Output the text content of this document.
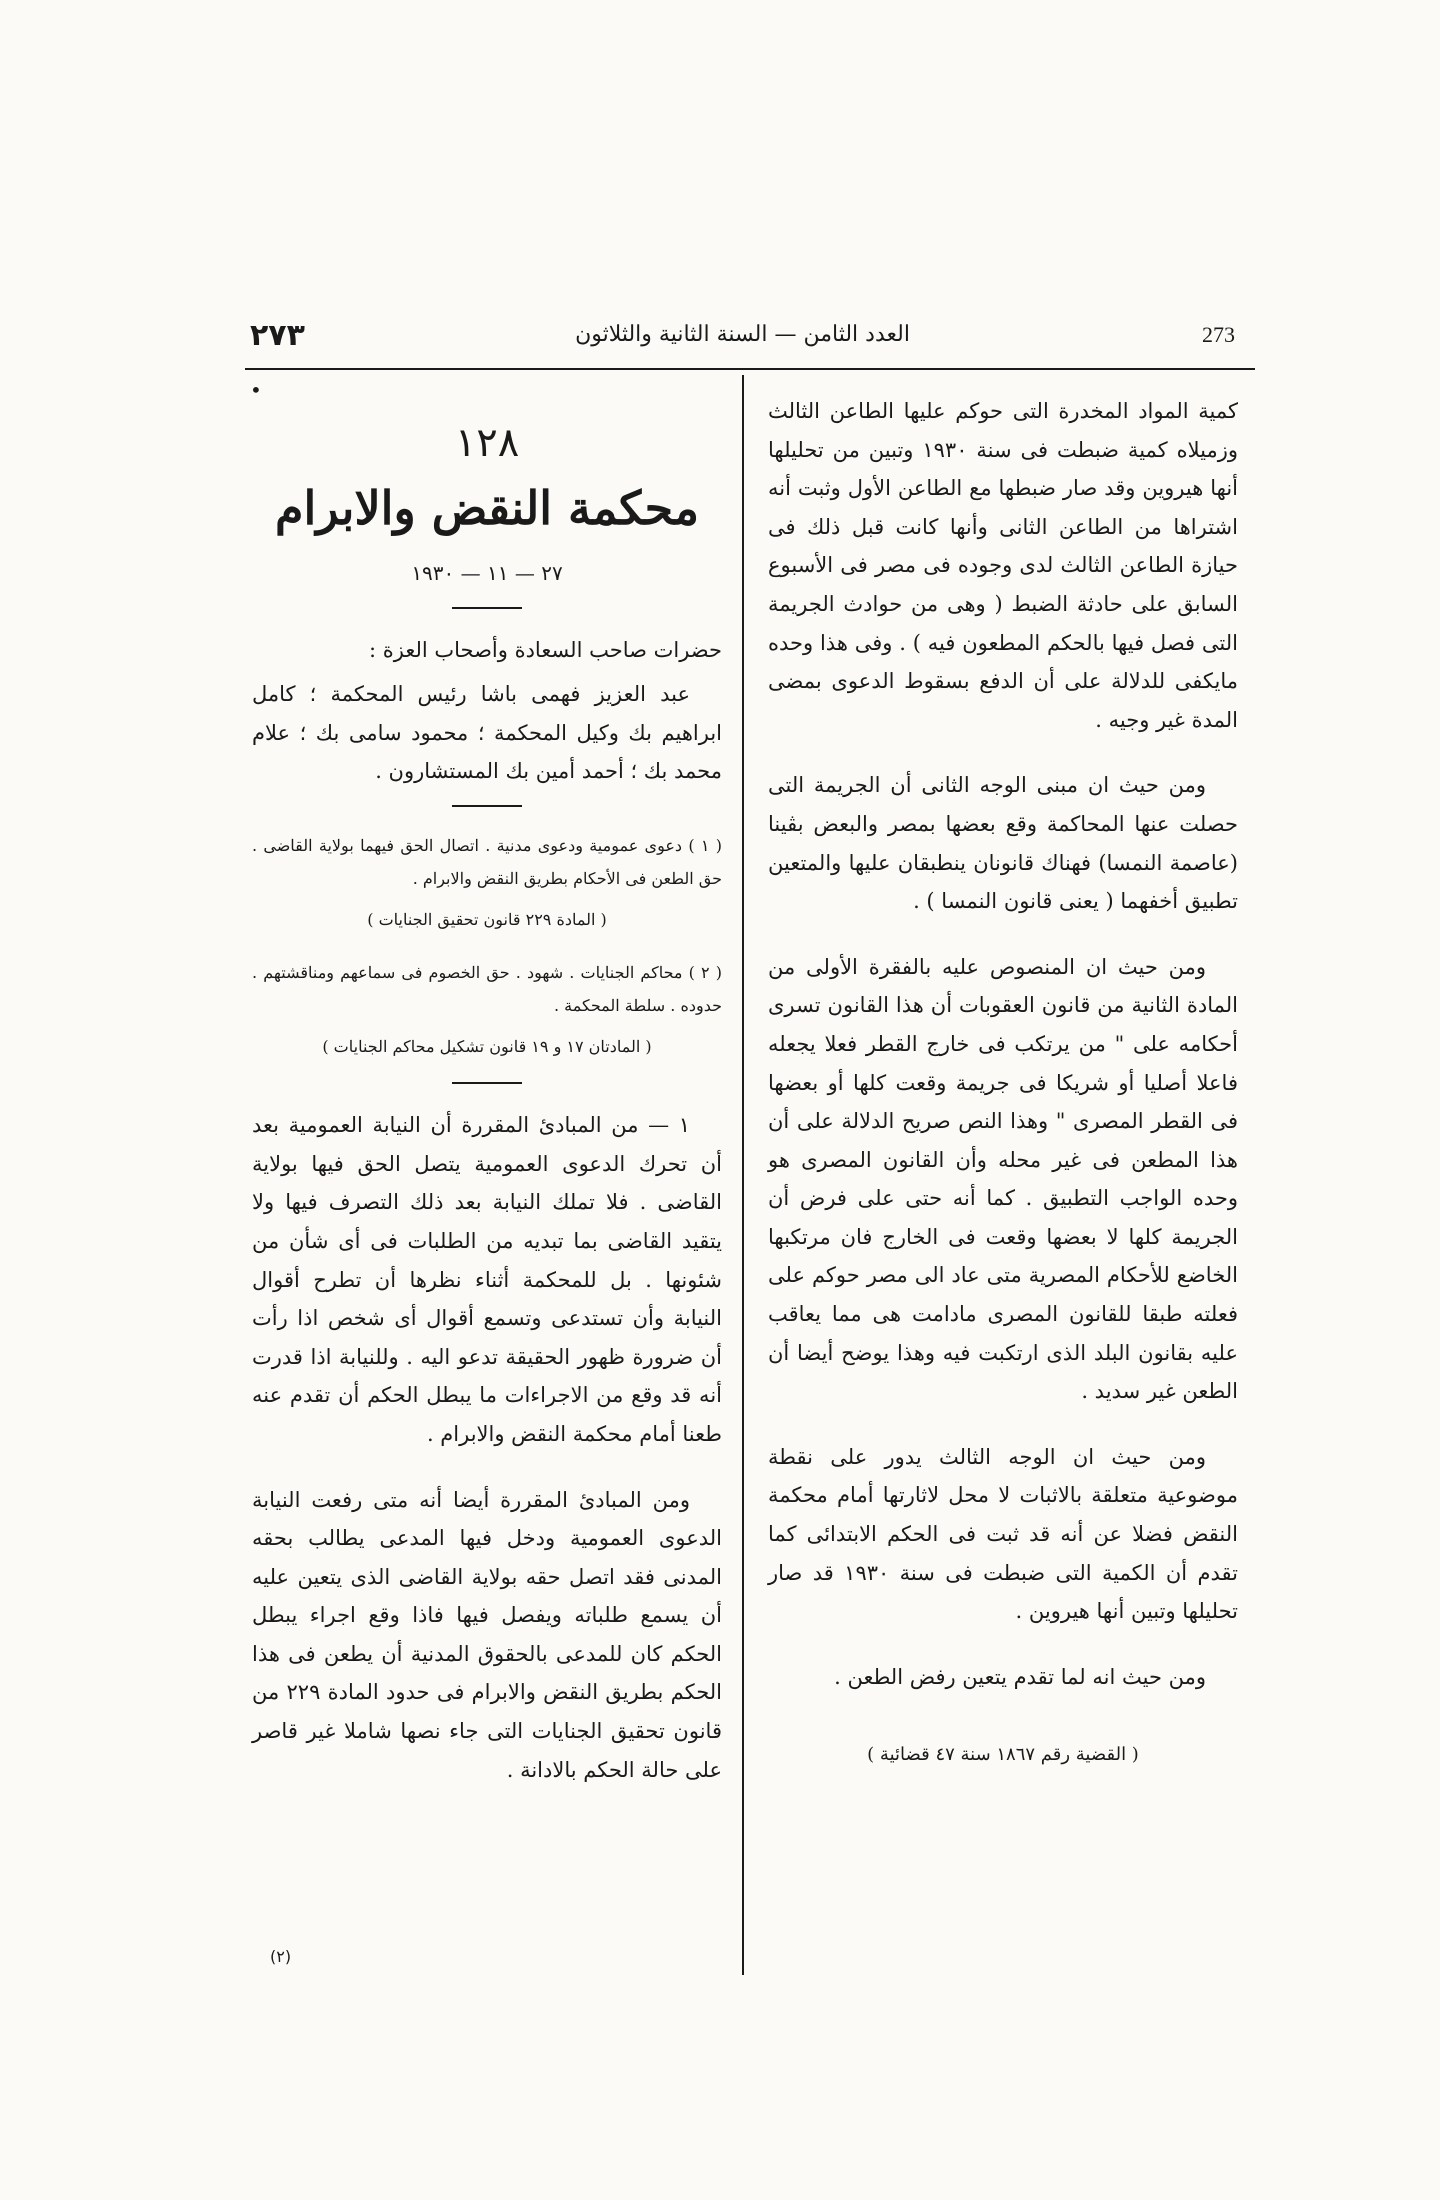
٢٧٣	العدد الثامن — السنة الثانية والثلاثون	273
•

كمية المواد المخدرة التى حوكم عليها الطاعن الثالث وزميلاه كمية ضبطت فى سنة ١٩٣٠ وتبين من تحليلها أنها هيروين وقد صار ضبطها مع الطاعن الأول وثبت أنه اشتراها من الطاعن الثانى وأنها كانت قبل ذلك فى حيازة الطاعن الثالث لدى وجوده فى مصر فى الأسبوع السابق على حادثة الضبط ( وهى من حوادث الجريمة التى فصل فيها بالحكم المطعون فيه ) . وفى هذا وحده مايكفى للدلالة على أن الدفع بسقوط الدعوى بمضى المدة غير وجيه .

ومن حيث ان مبنى الوجه الثانى أن الجريمة التى حصلت عنها المحاكمة وقع بعضها بمصر والبعض بڤينا (عاصمة النمسا) فهناك قانونان ينطبقان عليها والمتعين تطبيق أخفهما ( يعنى قانون النمسا ) .

ومن حيث ان المنصوص عليه بالفقرة الأولى من المادة الثانية من قانون العقوبات أن هذا القانون تسرى أحكامه على " من يرتكب فى خارج القطر فعلا يجعله فاعلا أصليا أو شريكا فى جريمة وقعت كلها أو بعضها فى القطر المصرى " وهذا النص صريح الدلالة على أن هذا المطعن فى غير محله وأن القانون المصرى هو وحده الواجب التطبيق . كما أنه حتى على فرض أن الجريمة كلها لا بعضها وقعت فى الخارج فان مرتكبها الخاضع للأحكام المصرية متى عاد الى مصر حوكم على فعلته طبقا للقانون المصرى مادامت هى مما يعاقب عليه بقانون البلد الذى ارتكبت فيه وهذا يوضح أيضا أن الطعن غير سديد .

ومن حيث ان الوجه الثالث يدور على نقطة موضوعية متعلقة بالاثبات لا محل لاثارتها أمام محكمة النقض فضلا عن أنه قد ثبت فى الحكم الابتدائى كما تقدم أن الكمية التى ضبطت فى سنة ١٩٣٠ قد صار تحليلها وتبين أنها هيروين .

ومن حيث انه لما تقدم يتعين رفض الطعن .

( القضية رقم ١٨٦٧ سنة ٤٧ قضائية )
١٢٨
محكمة النقض والابرام
٢٧ — ١١ — ١٩٣٠

حضرات صاحب السعادة وأصحاب العزة :

عبد العزيز فهمى باشا رئيس المحكمة ؛ كامل ابراهيم بك وكيل المحكمة ؛ محمود سامى بك ؛ علام محمد بك ؛ أحمد أمين بك المستشارون .

( ١ ) دعوى عمومية ودعوى مدنية . اتصال الحق فيهما بولاية القاضى . حق الطعن فى الأحكام بطريق النقض والابرام .

( المادة ٢٢٩ قانون تحقيق الجنايات )

( ٢ ) محاكم الجنايات . شهود . حق الخصوم فى سماعهم ومناقشتهم . حدوده . سلطة المحكمة .

( المادتان ١٧ و ١٩ قانون تشكيل محاكم الجنايات )

١ — من المبادئ المقررة أن النيابة العمومية بعد أن تحرك الدعوى العمومية يتصل الحق فيها بولاية القاضى . فلا تملك النيابة بعد ذلك التصرف فيها ولا يتقيد القاضى بما تبديه من الطلبات فى أى شأن من شئونها . بل للمحكمة أثناء نظرها أن تطرح أقوال النيابة وأن تستدعى وتسمع أقوال أى شخص اذا رأت أن ضرورة ظهور الحقيقة تدعو اليه . وللنيابة اذا قدرت أنه قد وقع من الاجراءات ما يبطل الحكم أن تقدم عنه طعنا أمام محكمة النقض والابرام .

ومن المبادئ المقررة أيضا أنه متى رفعت النيابة الدعوى العمومية ودخل فيها المدعى يطالب بحقه المدنى فقد اتصل حقه بولاية القاضى الذى يتعين عليه أن يسمع طلباته ويفصل فيها فاذا وقع اجراء يبطل الحكم كان للمدعى بالحقوق المدنية أن يطعن فى هذا الحكم بطريق النقض والابرام فى حدود المادة ٢٢٩ من قانون تحقيق الجنايات التى جاء نصها شاملا غير قاصر على حالة الحكم بالادانة .

(٢)
